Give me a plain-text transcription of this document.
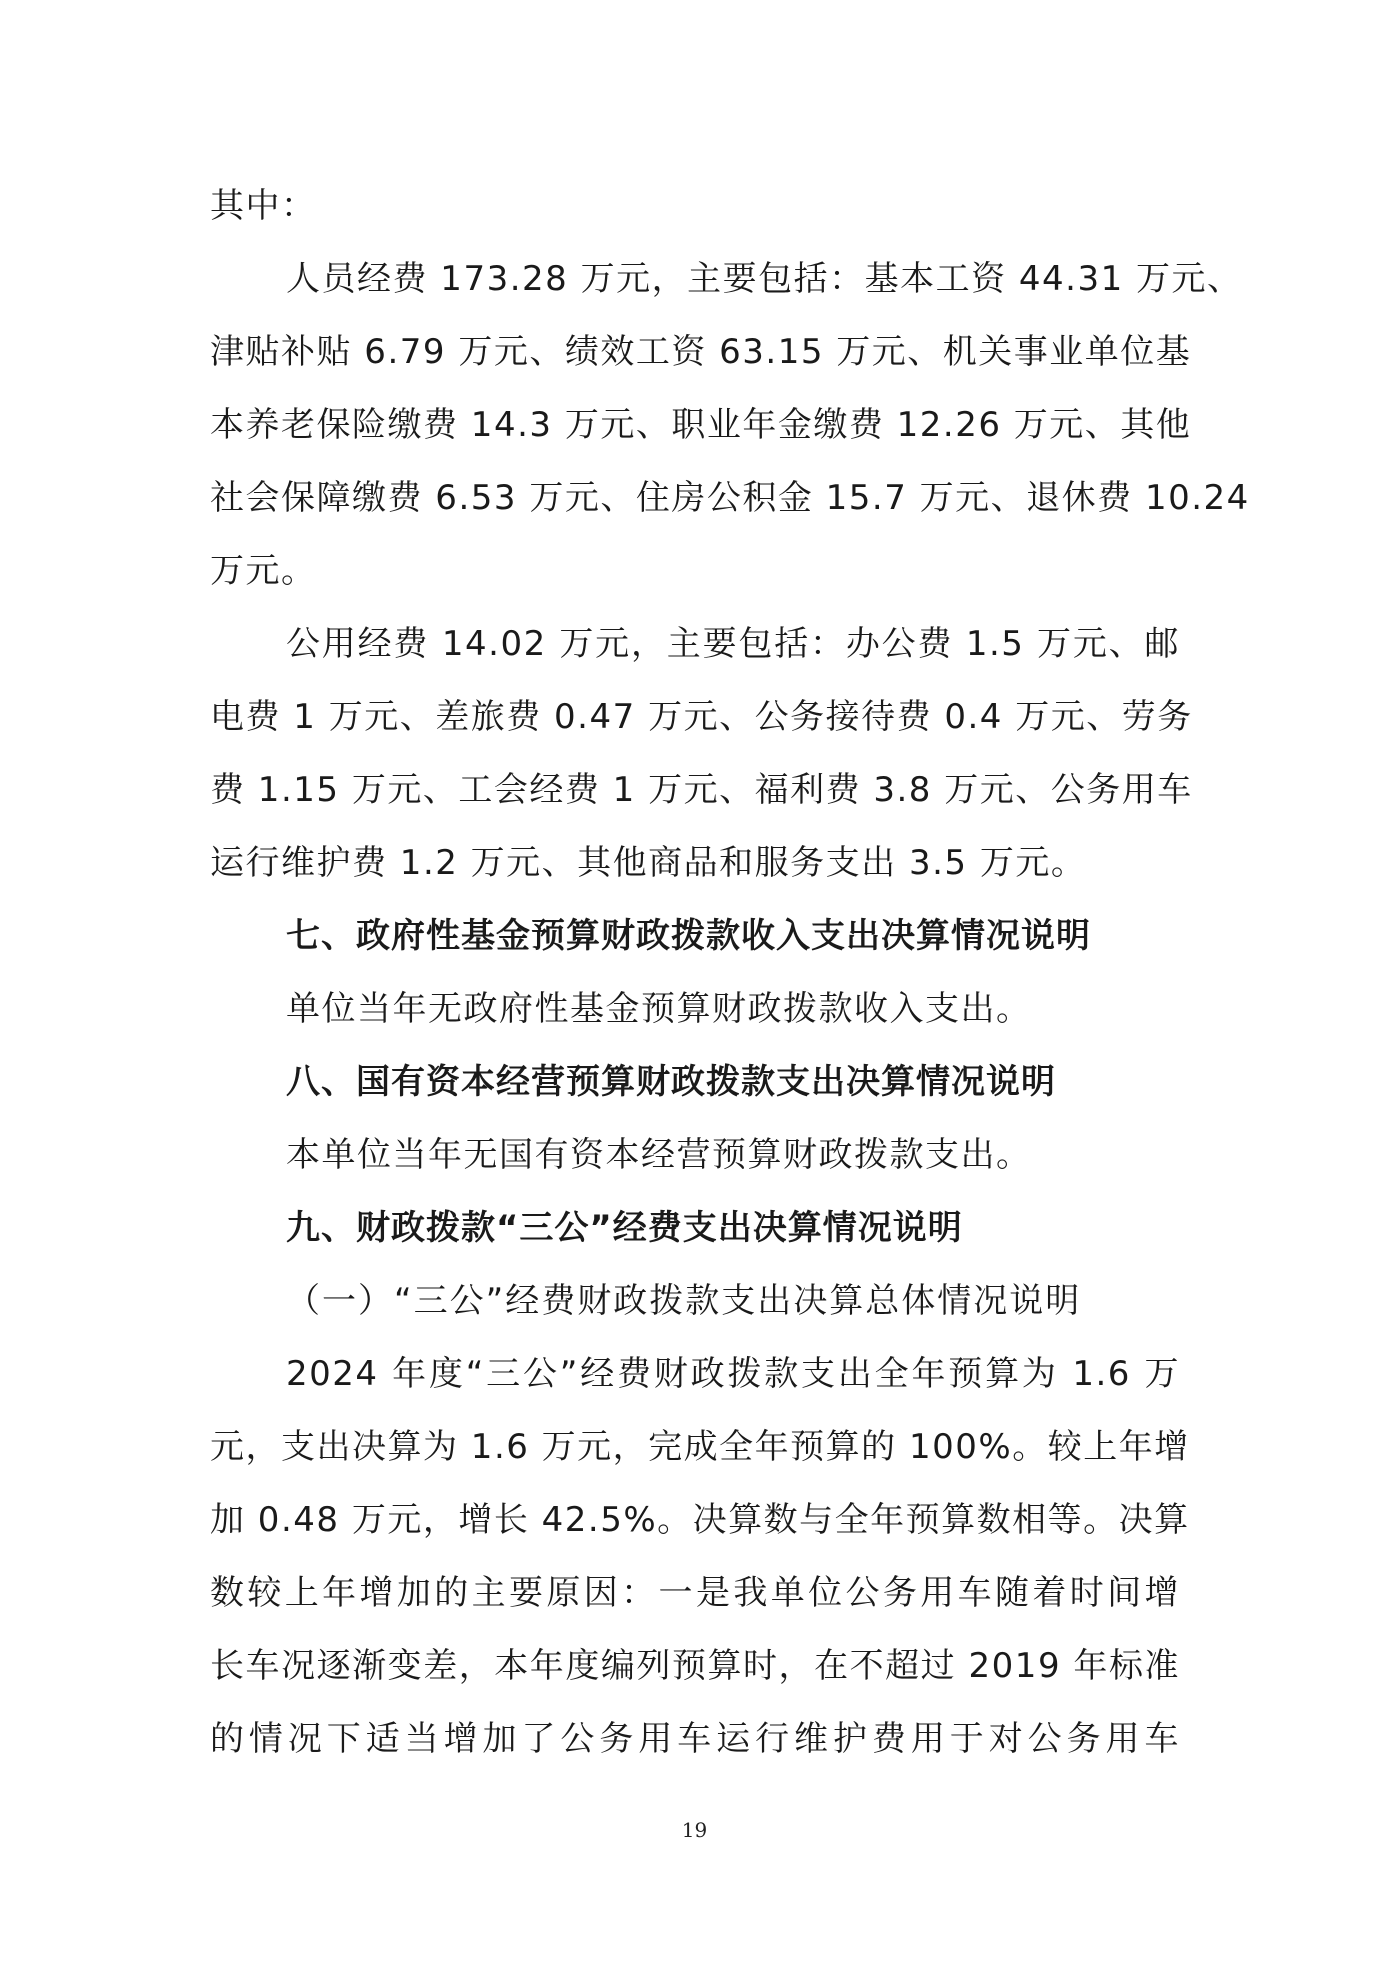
其中：
人员经费 173.28 万元，主要包括：基本工资 44.31 万元、
津贴补贴 6.79 万元、绩效工资 63.15 万元、机关事业单位基
本养老保险缴费 14.3 万元、职业年金缴费 12.26 万元、其他
社会保障缴费 6.53 万元、住房公积金 15.7 万元、退休费 10.24
万元。
公用经费 14.02 万元，主要包括：办公费 1.5 万元、邮
电费 1 万元、差旅费 0.47 万元、公务接待费 0.4 万元、劳务
费 1.15 万元、工会经费 1 万元、福利费 3.8 万元、公务用车
运行维护费 1.2 万元、其他商品和服务支出 3.5 万元。
七、政府性基金预算财政拨款收入支出决算情况说明
单位当年无政府性基金预算财政拨款收入支出。
八、国有资本经营预算财政拨款支出决算情况说明
本单位当年无国有资本经营预算财政拨款支出。
九、财政拨款“三公”经费支出决算情况说明
（一）“三公”经费财政拨款支出决算总体情况说明
2024 年度“三公”经费财政拨款支出全年预算为 1.6 万
元，支出决算为 1.6 万元，完成全年预算的 100%。较上年增
加 0.48 万元，增长 42.5%。决算数与全年预算数相等。决算
数较上年增加的主要原因：一是我单位公务用车随着时间增
长车况逐渐变差，本年度编列预算时，在不超过 2019 年标准
的情况下适当增加了公务用车运行维护费用于对公务用车
19
